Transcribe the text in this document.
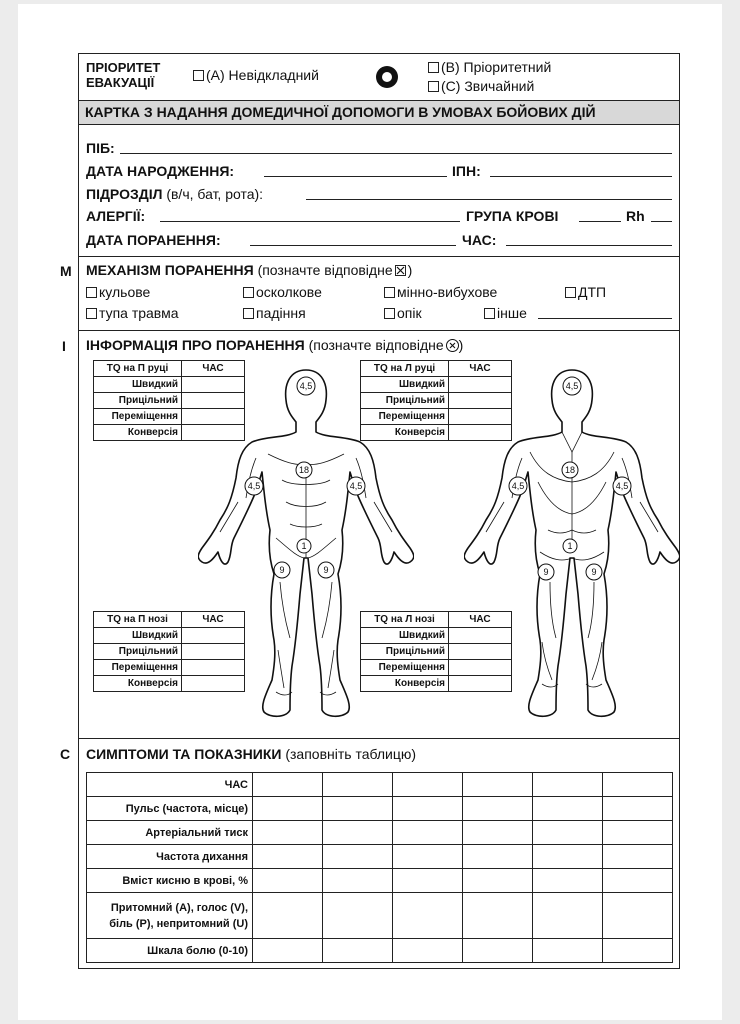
ПРІОРИТЕТ
ЕВАКУАЦІЇ	(A) Невідкладний	(B) Пріоритетний
(C) Звичайний
КАРТКА З НАДАННЯ ДОМЕДИЧНОЇ ДОПОМОГИ В УМОВАХ БОЙОВИХ ДІЙ
ПІБ:
ДАТА НАРОДЖЕННЯ:	ІПН:
ПІДРОЗДІЛ (в/ч, бат, рота):
АЛЕРГІЇ:	ГРУПА КРОВІ	Rh
ДАТА ПОРАНЕННЯ:	ЧАС:
M МЕХАНІЗМ ПОРАНЕННЯ (позначте відповідне )
кульове	осколкове	мінно-вибухове	ДТП
тупа травма	падіння	опік	інше
I ІНФОРМАЦІЯ ПРО ПОРАНЕННЯ (позначте відповідне )
4,5
18
4,5	4,5
1
9	9
4,5
18
4,5	4,5
1
9	9
TQ на П руці	ЧАС
Швидкий	
Прицільний	
Переміщення	
Конверсія	
TQ на Л руці	ЧАС
Швидкий	
Прицільний	
Переміщення	
Конверсія	
TQ на П нозі	ЧАС
Швидкий	
Прицільний	
Переміщення	
Конверсія	
TQ на Л нозі	ЧАС
Швидкий	
Прицільний	
Переміщення	
Конверсія	
C СИМПТОМИ ТА ПОКАЗНИКИ (заповніть таблицю)
ЧАС						
Пульс (частота, місце)						
Артеріальний тиск						
Частота дихання						
Вміст кисню в крові, %						
Притомний (А), голос (V),
біль (Р), непритомний (U)						
Шкала болю (0-10)						
